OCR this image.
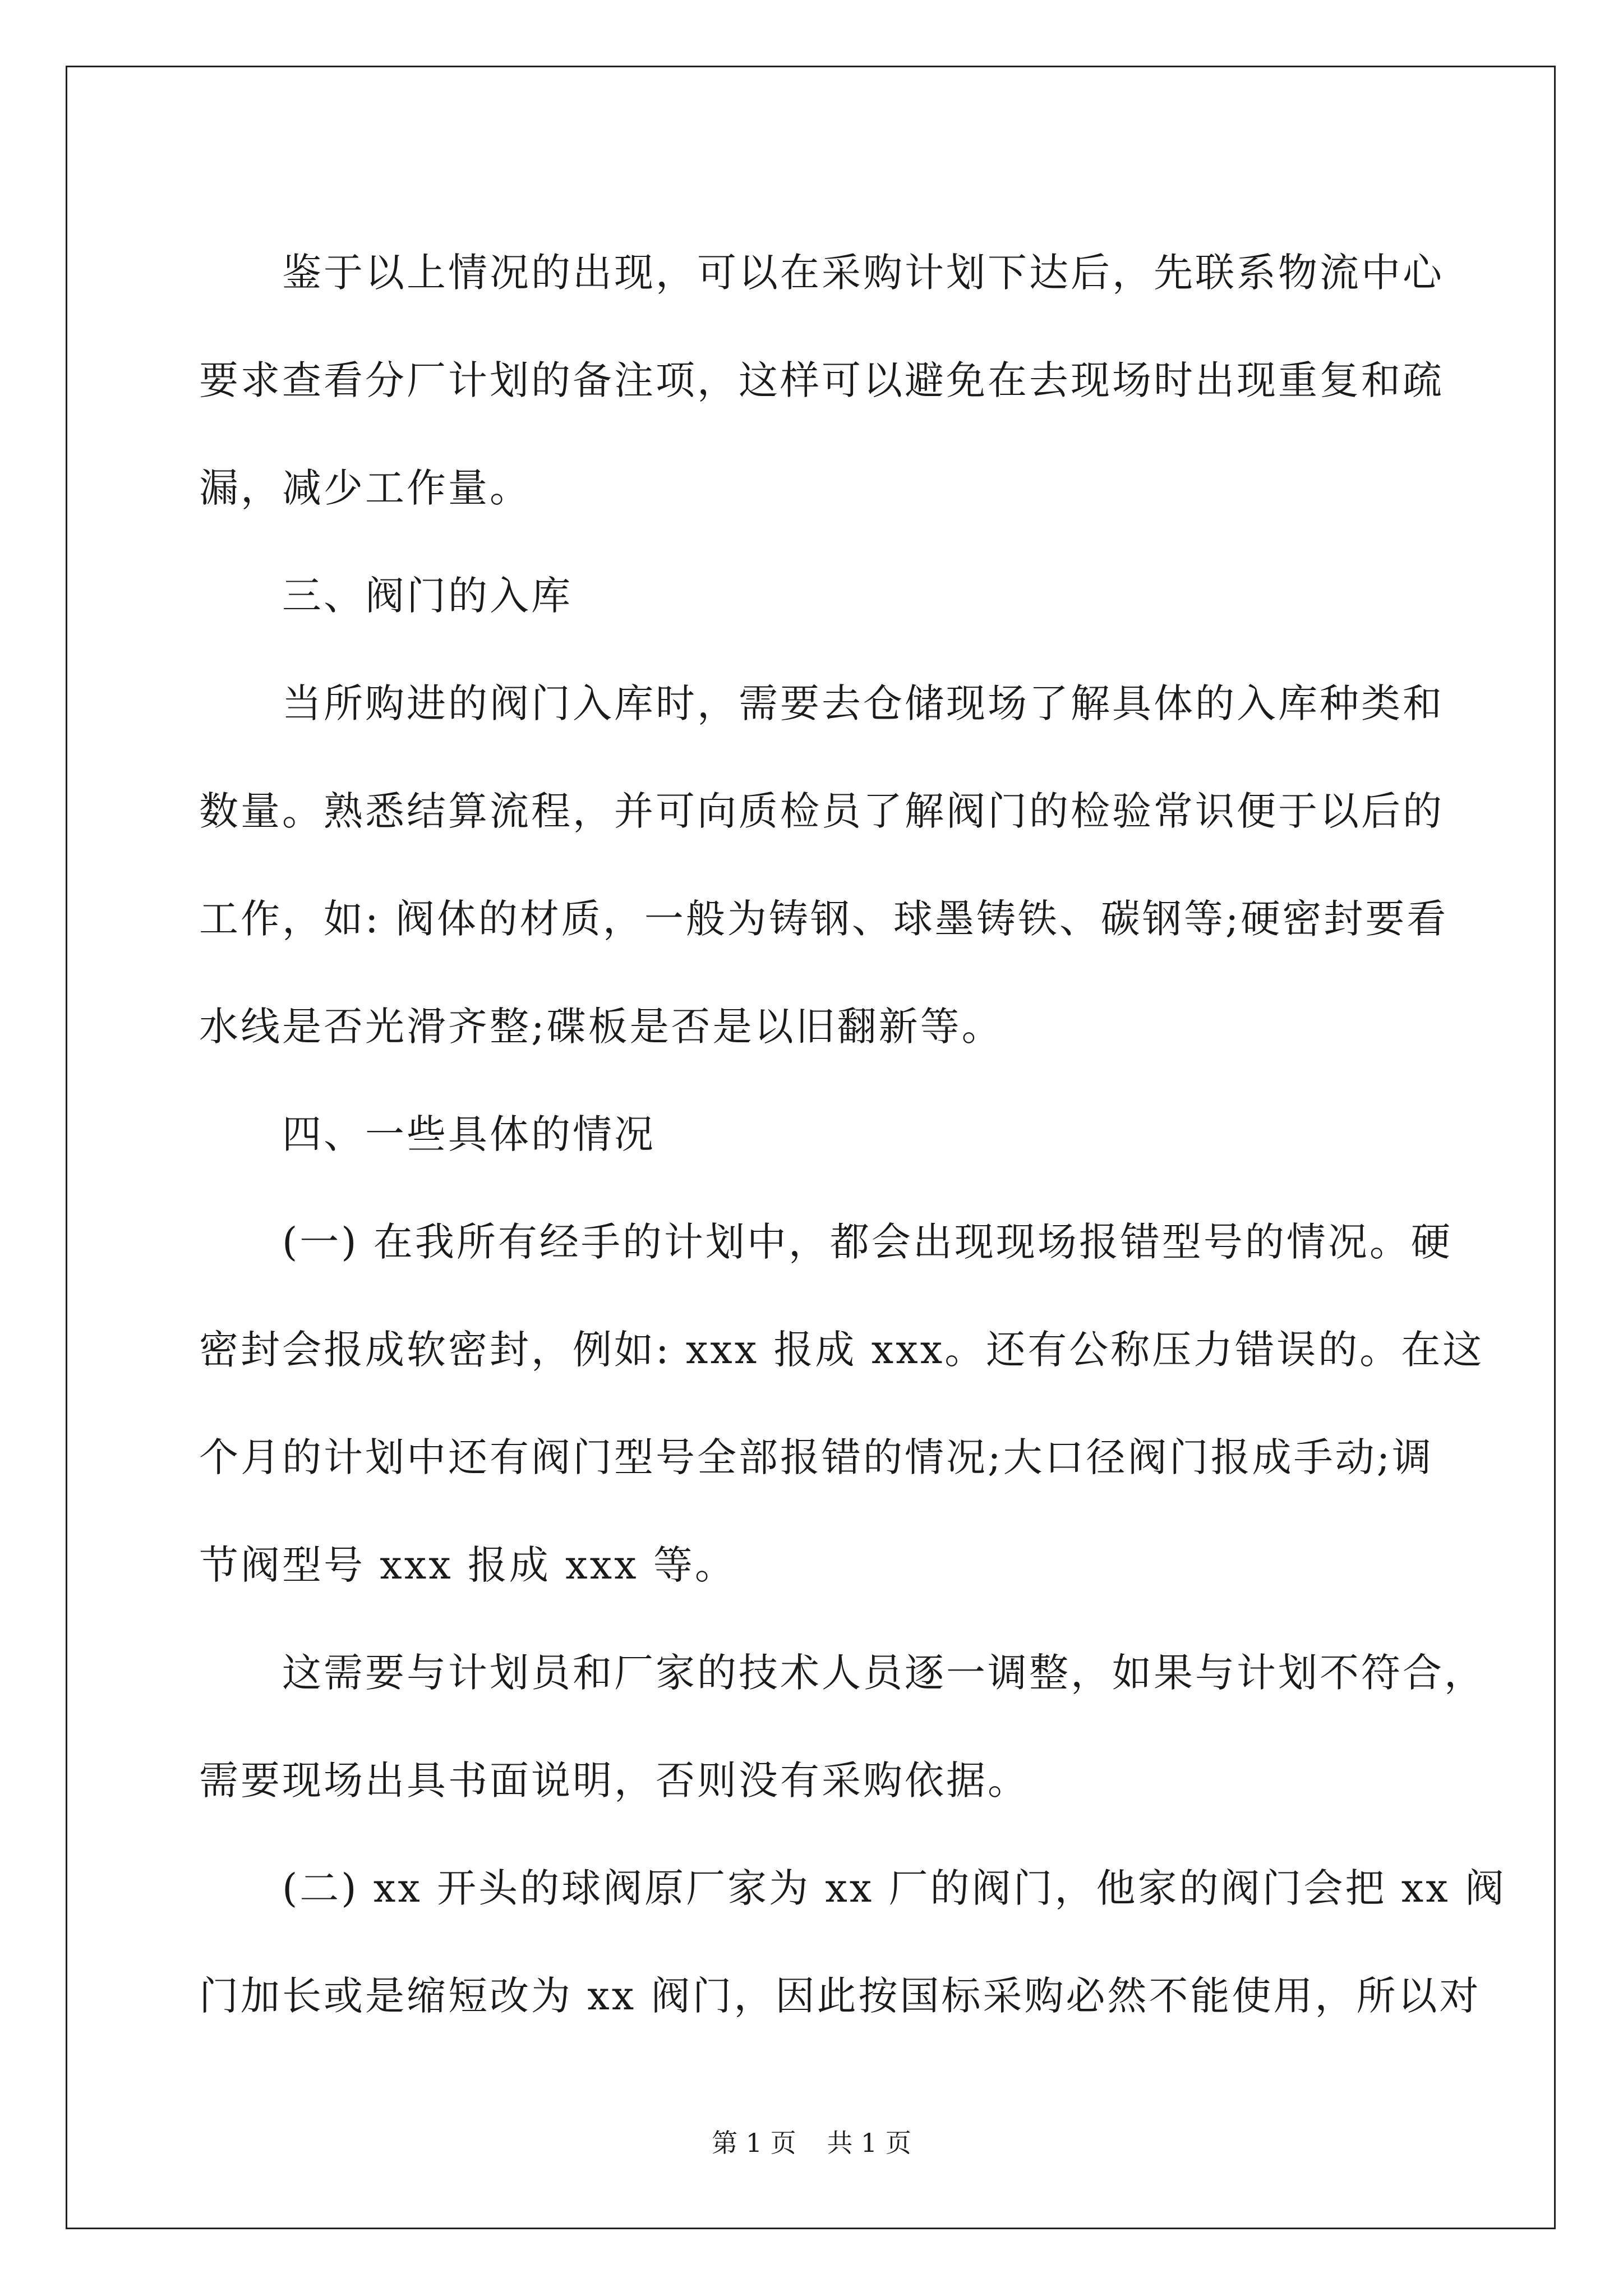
鉴于以上情况的出现，可以在采购计划下达后，先联系物流中心
要求查看分厂计划的备注项，这样可以避免在去现场时出现重复和疏
漏，减少工作量。
三、阀门的入库
当所购进的阀门入库时，需要去仓储现场了解具体的入库种类和
数量。熟悉结算流程，并可向质检员了解阀门的检验常识便于以后的
工作，如: 阀体的材质，一般为铸钢、球墨铸铁、碳钢等;硬密封要看
水线是否光滑齐整;碟板是否是以旧翻新等。
四、一些具体的情况
(一) 在我所有经手的计划中，都会出现现场报错型号的情况。硬
密封会报成软密封，例如: xxx 报成 xxx。还有公称压力错误的。在这
个月的计划中还有阀门型号全部报错的情况;大口径阀门报成手动;调
节阀型号 xxx 报成 xxx 等。
这需要与计划员和厂家的技术人员逐一调整，如果与计划不符合，
需要现场出具书面说明，否则没有采购依据。
(二) xx 开头的球阀原厂家为 xx 厂的阀门，他家的阀门会把 xx 阀
门加长或是缩短改为 xx 阀门，因此按国标采购必然不能使用，所以对
第 1 页 共 1 页
